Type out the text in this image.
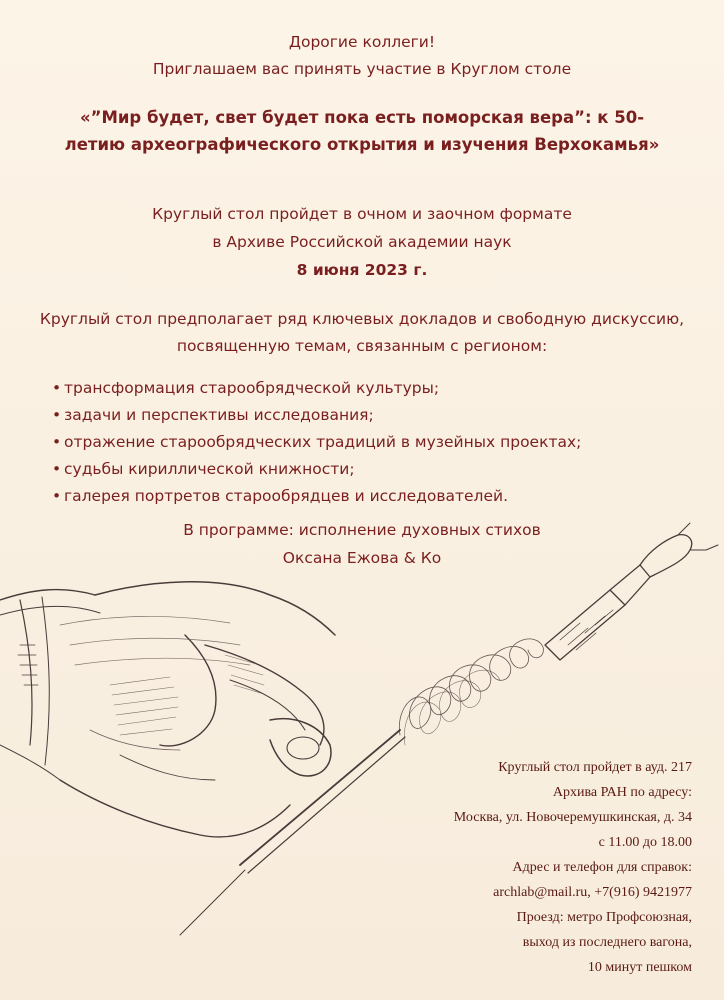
Дорогие коллеги!
Приглашаем вас принять участие в Круглом столе
«”Мир будет, свет будет пока есть поморская вера”: к 50-летию археографического открытия и изучения Верхокамья»
Круглый стол пройдет в очном и заочном формате
в Архиве Российской академии наук
8 июня 2023 г.
Круглый стол предполагает ряд ключевых докладов и свободную дискуссию, посвященную темам, связанным с регионом:
• трансформация старообрядческой культуры;
• задачи и перспективы исследования;
• отражение старообрядческих традиций в музейных проектах;
• судьбы кириллической книжности;
• галерея портретов старообрядцев и исследователей.
В программе: исполнение духовных стихов
Оксана Ежова & Ко
Круглый стол пройдет в ауд. 217
Архива РАН по адресу:
Москва, ул. Новочеремушкинская, д. 34
с 11.00 до 18.00
Адрес и телефон для справок:
archlab@mail.ru, +7(916) 9421977
Проезд: метро Профсоюзная,
выход из последнего вагона,
10 минут пешком
